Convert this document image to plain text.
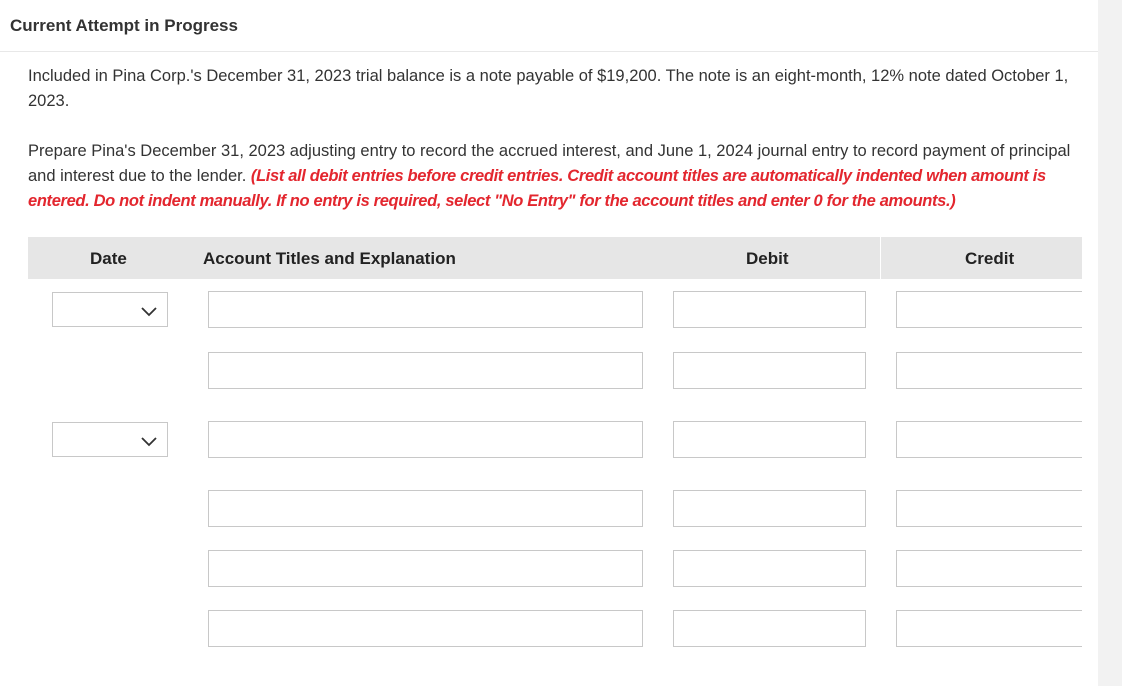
Current Attempt in Progress

Included in Pina Corp.'s December 31, 2023 trial balance is a note payable of $19,200. The note is an eight-month, 12% note dated October 1, 2023.

Prepare Pina's December 31, 2023 adjusting entry to record the accrued interest, and June 1, 2024 journal entry to record payment of principal and interest due to the lender. (List all debit entries before credit entries. Credit account titles are automatically indented when amount is entered. Do not indent manually. If no entry is required, select "No Entry" for the account titles and enter 0 for the amounts.)

Date	Account Titles and Explanation	Debit	Credit
